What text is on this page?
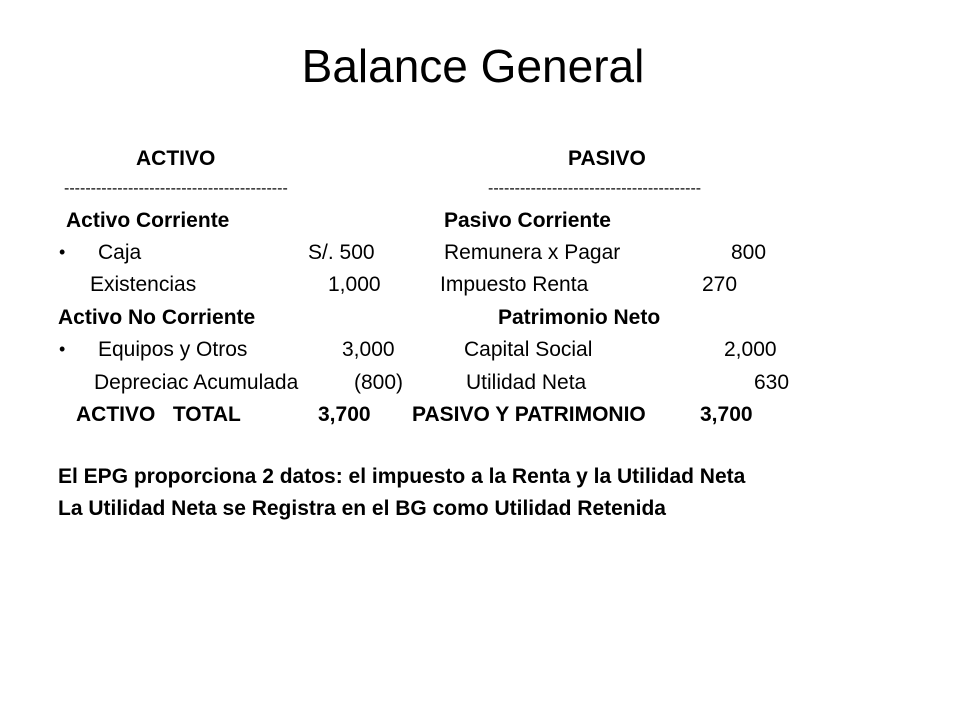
Balance General
ACTIVO	PASIVO
------------------------------------------	----------------------------------------
Activo Corriente	Pasivo Corriente
• Caja	S/. 500	Remunera x Pagar	800
Existencias	1,000	Impuesto Renta	270
Activo No Corriente	Patrimonio Neto
• Equipos y Otros	3,000	Capital Social	2,000
Depreciac Acumulada	(800)	Utilidad Neta	630
ACTIVO   TOTAL	3,700 PASIVO Y PATRIMONIO	3,700
El EPG proporciona 2 datos: el impuesto a la Renta y la Utilidad Neta
La Utilidad Neta se Registra en el BG como Utilidad Retenida
